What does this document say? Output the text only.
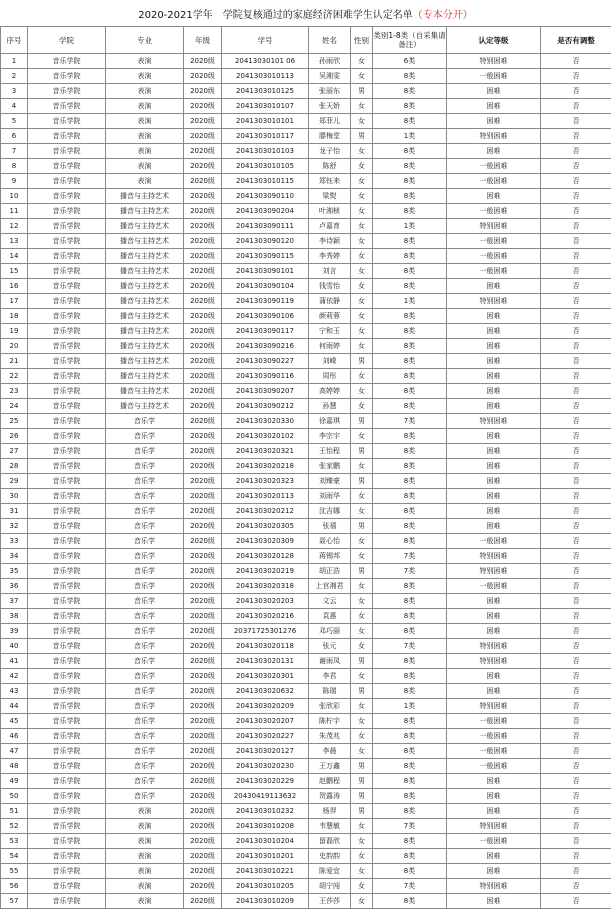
2020-2021学年 学院复核通过的家庭经济困难学生认定名单（专本分开）
序号	学院	专业	年级	学号	姓名	性别	类别1-8类（自采集请备注）	认定等级	是否有调整
1	音乐学院	表演	2020级	20413030101 06	孙雨欣	女	6类	特别困难	否
2	音乐学院	表演	2020级	2041303010113	吴湘雯	女	8类	一般困难	否
3	音乐学院	表演	2020级	2041303010125	张丽东	男	8类	困难	否
4	音乐学院	表演	2020级	2041303010107	张天娇	女	8类	困难	否
5	音乐学院	表演	2020级	2041303010101	郑菲儿	女	8类	困难	否
6	音乐学院	表演	2020级	2041303010117	滕梅堂	男	1类	特别困难	否
7	音乐学院	表演	2020级	2041303010103	龙子怡	女	8类	困难	否
8	音乐学院	表演	2020级	2041303010105	陈舒	女	8类	一般困难	否
9	音乐学院	表演	2020级	2041303010115	郑钰来	女	8类	一般困难	否
10	音乐学院	播音与主持艺术	2020级	2041303090110	梁熨	女	8类	困难	否
11	音乐学院	播音与主持艺术	2020级	2041303090204	叶湘桢	女	8类	一般困难	否
12	音乐学院	播音与主持艺术	2020级	2041303090111	卢嘉育	女	1类	特别困难	否
13	音乐学院	播音与主持艺术	2020级	2041303090120	李诗颖	女	8类	一般困难	否
14	音乐学院	播音与主持艺术	2020级	2041303090115	李秀婷	女	8类	一般困难	否
15	音乐学院	播音与主持艺术	2020级	2041303090101	刘言	女	8类	一般困难	否
16	音乐学院	播音与主持艺术	2020级	2041303090104	钱雪怡	女	8类	困难	否
17	音乐学院	播音与主持艺术	2020级	2041303090119	蒲依静	女	1类	特别困难	否
18	音乐学院	播音与主持艺术	2020级	2041303090106	颜莉蓉	女	8类	困难	否
19	音乐学院	播音与主持艺术	2020级	2041303090117	宁和玉	女	8类	困难	否
20	音乐学院	播音与主持艺术	2020级	2041303090216	何雨婷	女	8类	困难	否
21	音乐学院	播音与主持艺术	2020级	2041303090227	刘嵘	男	8类	困难	否
22	音乐学院	播音与主持艺术	2020级	2041303090116	周彤	女	8类	困难	否
23	音乐学院	播音与主持艺术	2020级	2041303090207	高婷婷	女	8类	困难	否
24	音乐学院	播音与主持艺术	2020级	2041303090212	孙慧	女	8类	困难	否
25	音乐学院	音乐学	2020级	2041303020330	徐嘉琪	男	7类	特别困难	否
26	音乐学院	音乐学	2020级	2041303020102	李宗宇	女	8类	困难	否
27	音乐学院	音乐学	2020级	2041303020321	王怡程	男	8类	困难	否
28	音乐学院	音乐学	2020级	2041303020218	张家鹏	女	8类	困难	否
29	音乐学院	音乐学	2020级	2041303020323	刘臻豪	男	8类	困难	否
30	音乐学院	音乐学	2020级	2041303020113	刘雨华	女	8类	困难	否
31	音乐学院	音乐学	2020级	2041303020212	沈吉娜	女	8类	困难	否
32	音乐学院	音乐学	2020级	2041303020305	张禧	男	8类	困难	否
33	音乐学院	音乐学	2020级	2041303020309	聂心怡	女	8类	一般困难	否
34	音乐学院	音乐学	2020级	2041303020128	蒋锡邦	女	7类	特别困难	否
35	音乐学院	音乐学	2020级	2041303020219	胡正浩	男	7类	特别困难	否
36	音乐学院	音乐学	2020级	2041303020318	上官湘君	女	8类	一般困难	否
37	音乐学院	音乐学	2020级	2041303020203	文云	女	8类	困难	否
38	音乐学院	音乐学	2020级	2041303020216	袁惠	女	8类	困难	否
39	音乐学院	音乐学	2020级	20371725301276	邓巧丽	女	8类	困难	否
40	音乐学院	音乐学	2020级	2041303020118	张元	女	7类	特别困难	否
41	音乐学院	音乐学	2020级	2041303020131	谢雨凤	男	8类	特别困难	否
42	音乐学院	音乐学	2020级	2041303020301	李君	女	8类	困难	否
43	音乐学院	音乐学	2020级	2041303020632	陈瑞	男	8类	困难	否
44	音乐学院	音乐学	2020级	2041303020209	张欣彩	女	1类	特别困难	否
45	音乐学院	音乐学	2020级	2041303020207	陈柠宇	女	8类	一般困难	否
46	音乐学院	音乐学	2020级	2041303020227	朱茂兆	女	8类	一般困难	否
47	音乐学院	音乐学	2020级	2041303020127	李晨	女	8类	一般困难	否
48	音乐学院	音乐学	2020级	2041303020230	王万鑫	男	8类	一般困难	否
49	音乐学院	音乐学	2020级	2041303020229	赵鹏程	男	8类	困难	否
50	音乐学院	音乐学	2020级	20430419113632	贺露涛	男	8类	困难	否
51	音乐学院	表演	2020级	2041303010232	杨羿	男	8类	困难	否
52	音乐学院	表演	2020级	2041303010208	韦慧敏	女	7类	特别困难	否
53	音乐学院	表演	2020级	2041303010204	留磊欣	女	8类	一般困难	否
54	音乐学院	表演	2020级	2041303010201	史韵韵	女	8类	困难	否
55	音乐学院	表演	2020级	2041303010221	陈爱宜	女	8类	困难	否
56	音乐学院	表演	2020级	2041303010205	胡宁闯	女	7类	特别困难	否
57	音乐学院	表演	2020级	2041303010209	王莎莎	女	8类	困难	否
